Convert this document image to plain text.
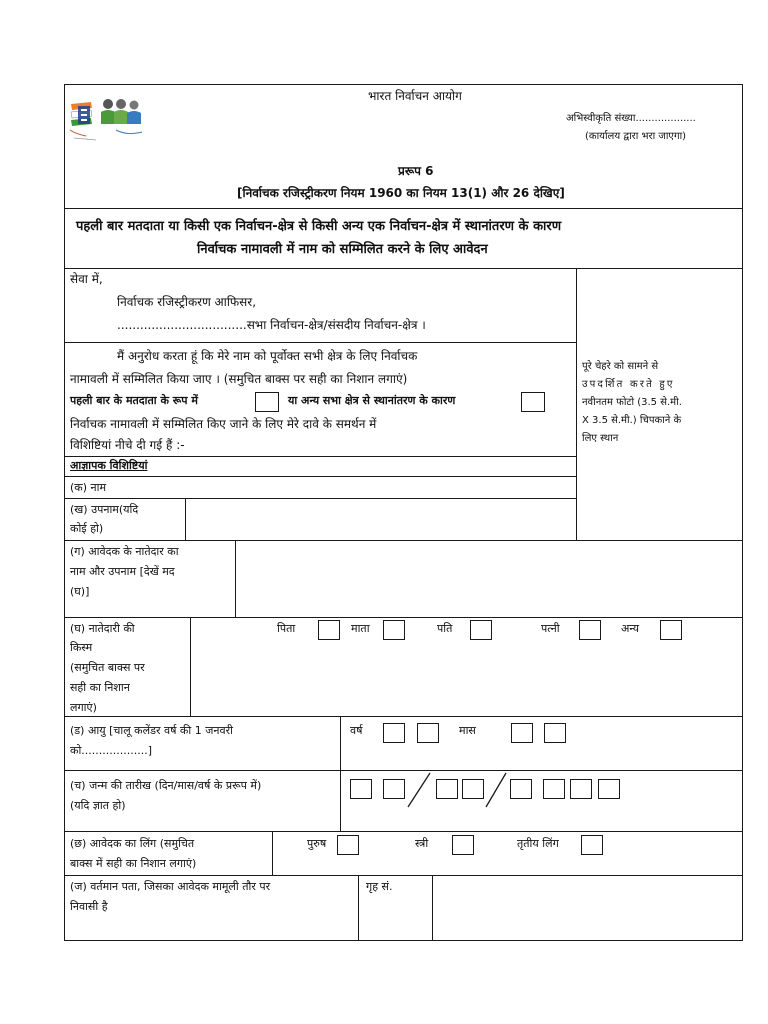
भारत निर्वाचन आयोग
अभिस्वीकृति संख्या...................
(कार्यालय द्वारा भरा जाएगा)
प्ररूप 6
[निर्वाचक रजिस्ट्रीकरण नियम 1960 का नियम 13(1) और 26 देखिए]
पहली बार मतदाता या किसी एक निर्वाचन-क्षेत्र से किसी अन्य एक निर्वाचन-क्षेत्र में स्थानांतरण के कारण
निर्वाचक नामावली में नाम को सम्मिलित करने के लिए आवेदन
सेवा में,
निर्वाचक रजिस्ट्रीकरण आफिसर,
..................................सभा निर्वाचन-क्षेत्र/संसदीय निर्वाचन-क्षेत्र ।
मैं अनुरोध करता हूं कि मेरे नाम को पूर्वोक्त सभी क्षेत्र के लिए निर्वाचक
नामावली में सम्मिलित किया जाए । (समुचित बाक्स पर सही का निशान लगाएं)
पहली बार के मतदाता के रूप में	या अन्य सभा क्षेत्र से स्थानांतरण के कारण
निर्वाचक नामावली में सम्मिलित किए जाने के लिए मेरे दावे के समर्थन में
विशिष्टियां नीचे दी गई हैं :-
पूरे चेहरे को सामने से
उपदर्शित करते हुए
नवीनतम फोटो (3.5 से.मी.
X 3.5 से.मी.) चिपकाने के
लिए स्थान
आज्ञापक विशिष्टियां
(क) नाम
(ख) उपनाम(यदि
कोई हो)
(ग) आवेदक के नातेदार का
नाम और उपनाम [देखें मद
(घ)]
(घ) नातेदारी की
किस्म
(समुचित बाक्स पर
सही का निशान
लगाएं)
पिता	माता	पति	पत्नी	अन्य
(ड) आयु [चालू कलेंडर वर्ष की 1 जनवरी
को...................]
वर्ष	मास
(च) जन्म की तारीख (दिन/मास/वर्ष के प्ररूप में)
(यदि ज्ञात हो)
(छ) आवेदक का लिंग (समुचित
बाक्स में सही का निशान लगाएं)
पुरुष	स्त्री	तृतीय लिंग
(ज) वर्तमान पता, जिसका आवेदक मामूली तौर पर
निवासी है
गृह सं.
